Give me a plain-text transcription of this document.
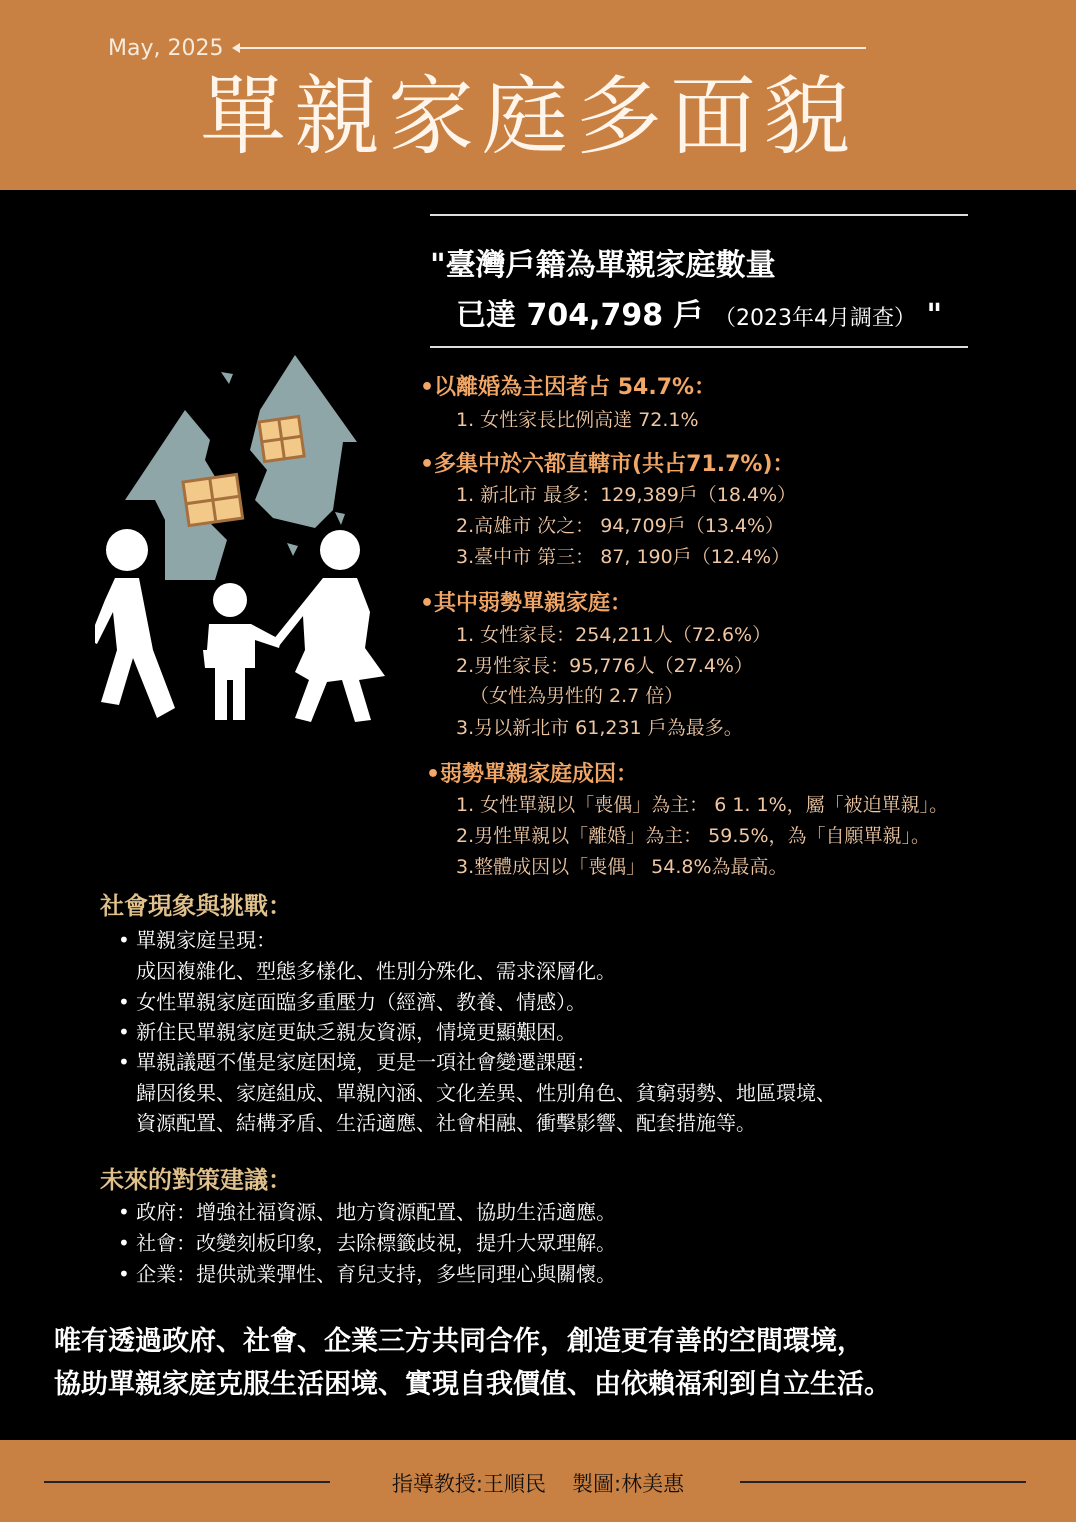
May, 2025
單親家庭多面貌
"臺灣戶籍為單親家庭數量
已達 704,798 戶 （2023年4月調查） "
•以離婚為主因者占 54.7%：
1. 女性家長比例高達 72.1%
•多集中於六都直轄市(共占71.7%)：
1. 新北市 最多：129,389戶（18.4%）
2.高雄市 次之： 94,709戶（13.4%）
3.臺中市 第三： 87, 190戶（12.4%）
•其中弱勢單親家庭：
1. 女性家長：254,211人（72.6%）
2.男性家長：95,776人（27.4%）
（女性為男性的 2.7 倍）
3.另以新北市 61,231 戶為最多。
•弱勢單親家庭成因：
1. 女性單親以「喪偶」為主： 6 1. 1%，屬「被迫單親」。
2.男性單親以「離婚」為主： 59.5%，為「自願單親」。
3.整體成因以「喪偶」 54.8%為最高。
社會現象與挑戰：
• 單親家庭呈現：
成因複雜化、型態多樣化、性別分殊化、需求深層化。
• 女性單親家庭面臨多重壓力（經濟、教養、情感）。
• 新住民單親家庭更缺乏親友資源，情境更顯艱困。
• 單親議題不僅是家庭困境，更是一項社會變遷課題：
歸因後果、家庭組成、單親內涵、文化差異、性別角色、貧窮弱勢、地區環境、
資源配置、結構矛盾、生活適應、社會相融、衝擊影響、配套措施等。
未來的對策建議：
• 政府：增強社福資源、地方資源配置、協助生活適應。
• 社會：改變刻板印象，去除標籤歧視，提升大眾理解。
• 企業：提供就業彈性、育兒支持，多些同理心與關懷。
唯有透過政府、社會、企業三方共同合作，創造更有善的空間環境，
協助單親家庭克服生活困境、實現自我價值、由依賴福利到自立生活。
指導教授:王順民 製圖:林美惠
